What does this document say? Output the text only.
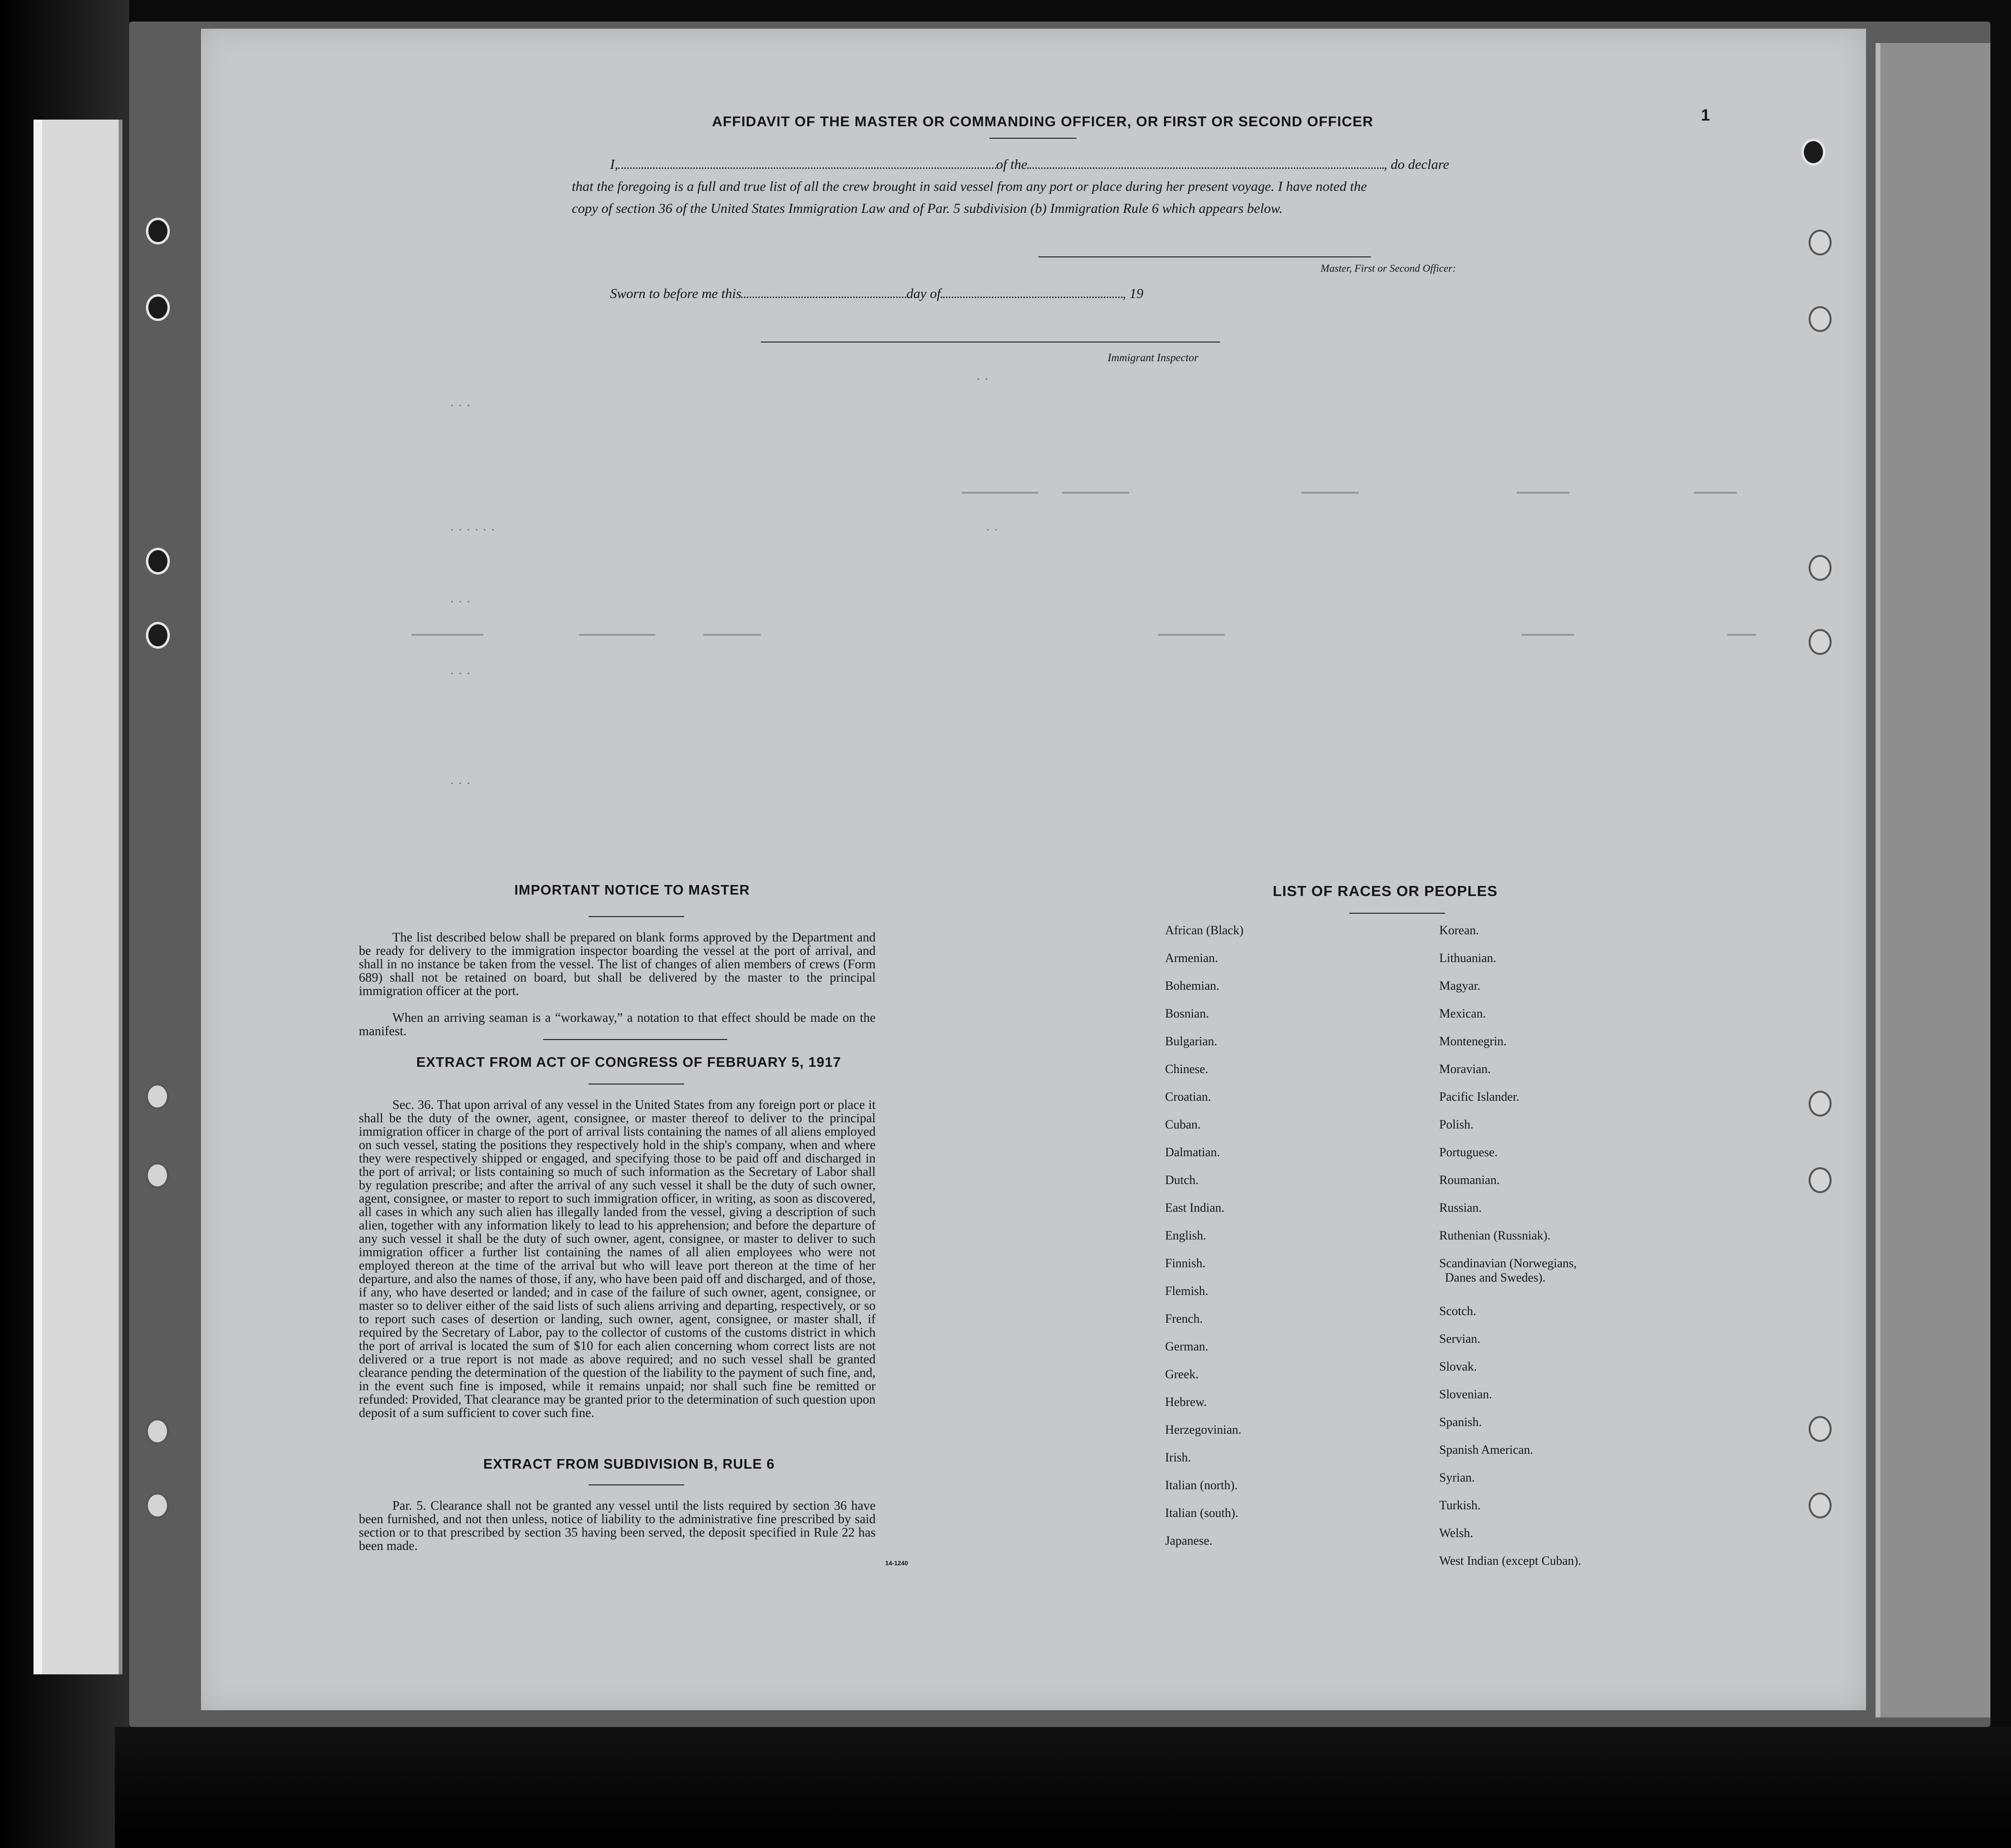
· · ·
· · · · · ·
· · ·
· · ·
· · ·
· ·
· ·
1
AFFIDAVIT OF THE MASTER OR COMMANDING OFFICER, OR FIRST OR SECOND OFFICER
I,	of the	, do declare
that the foregoing is a full and true list of all the crew brought in said vessel from any port or place during her present voyage. I have noted the
copy of section 36 of the United States Immigration Law and of Par. 5 subdivision (b) Immigration Rule 6 which appears below.
Master, First or Second Officer:
Sworn to before me this	day of	, 19
Immigrant Inspector
IMPORTANT NOTICE TO MASTER
The list described below shall be prepared on blank forms approved by the Department and be ready for delivery to the immigration inspector boarding the vessel at the port of arrival, and shall in no instance be taken from the vessel. The list of changes of alien members of crews (Form 689) shall not be retained on board, but shall be delivered by the master to the principal immigration officer at the port.
When an arriving seaman is a “workaway,” a notation to that effect should be made on the manifest.
EXTRACT FROM ACT OF CONGRESS OF FEBRUARY 5, 1917
Sec. 36. That upon arrival of any vessel in the United States from any foreign port or place it shall be the duty of the owner, agent, consignee, or master thereof to deliver to the principal immigration officer in charge of the port of arrival lists containing the names of all aliens employed on such vessel, stating the positions they respectively hold in the ship's company, when and where they were respectively shipped or engaged, and specifying those to be paid off and discharged in the port of arrival; or lists containing so much of such information as the Secretary of Labor shall by regulation prescribe; and after the arrival of any such vessel it shall be the duty of such owner, agent, consignee, or master to report to such immigration officer, in writing, as soon as discovered, all cases in which any such alien has illegally landed from the vessel, giving a description of such alien, together with any information likely to lead to his apprehension; and before the departure of any such vessel it shall be the duty of such owner, agent, consignee, or master to deliver to such immigration officer a further list containing the names of all alien employees who were not employed thereon at the time of the arrival but who will leave port thereon at the time of her departure, and also the names of those, if any, who have been paid off and discharged, and of those, if any, who have deserted or landed; and in case of the failure of such owner, agent, consignee, or master so to deliver either of the said lists of such aliens arriving and departing, respectively, or so to report such cases of desertion or landing, such owner, agent, consignee, or master shall, if required by the Secretary of Labor, pay to the collector of customs of the customs district in which the port of arrival is located the sum of $10 for each alien concerning whom correct lists are not delivered or a true report is not made as above required; and no such vessel shall be granted clearance pending the determination of the question of the liability to the payment of such fine, and, in the event such fine is imposed, while it remains unpaid; nor shall such fine be remitted or refunded: Provided, That clearance may be granted prior to the determination of such question upon deposit of a sum sufficient to cover such fine.
EXTRACT FROM SUBDIVISION B, RULE 6
Par. 5. Clearance shall not be granted any vessel until the lists required by section 36 have been furnished, and not then unless, notice of liability to the administrative fine prescribed by said section or to that prescribed by section 35 having been served, the deposit specified in Rule 22 has been made.
14-1240
LIST OF RACES OR PEOPLES
African (Black)
Armenian.
Bohemian.
Bosnian.
Bulgarian.
Chinese.
Croatian.
Cuban.
Dalmatian.
Dutch.
East Indian.
English.
Finnish.
Flemish.
French.
German.
Greek.
Hebrew.
Herzegovinian.
Irish.
Italian (north).
Italian (south).
Japanese.
Korean.
Lithuanian.
Magyar.
Mexican.
Montenegrin.
Moravian.
Pacific Islander.
Polish.
Portuguese.
Roumanian.
Russian.
Ruthenian (Russniak).
Scandinavian (Norwegians,
Danes and Swedes).
Scotch.
Servian.
Slovak.
Slovenian.
Spanish.
Spanish American.
Syrian.
Turkish.
Welsh.
West Indian (except Cuban).
